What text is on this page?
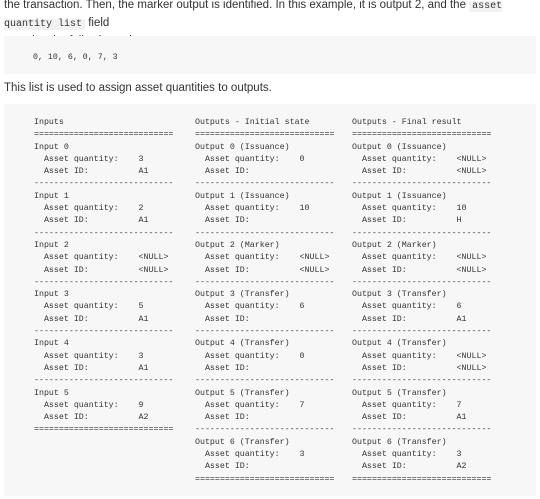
the transaction. Then, the marker output is identified. In this example, it is output 2, and the asset quantity list field

0, 10, 6, 0, 7, 3
This list is used to assign asset quantities to outputs.
Inputs
============================
Input 0
Asset quantity:    3
Asset ID:          A1
----------------------------
Input 1
Asset quantity:    2
Asset ID:          A1
----------------------------
Input 2
Asset quantity:    <NULL>
Asset ID:          <NULL>
----------------------------
Input 3
Asset quantity:    5
Asset ID:          A1
----------------------------
Input 4
Asset quantity:    3
Asset ID:          A1
----------------------------
Input 5
Asset quantity:    9
Asset ID:          A2
============================
Outputs - Initial state
============================
Output 0 (Issuance)
Asset quantity:    0
Asset ID:
----------------------------
Output 1 (Issuance)
Asset quantity:    10
Asset ID:
----------------------------
Output 2 (Marker)
Asset quantity:    <NULL>
Asset ID:          <NULL>
----------------------------
Output 3 (Transfer)
Asset quantity:    6
Asset ID:
----------------------------
Output 4 (Transfer)
Asset quantity:    0
Asset ID:
----------------------------
Output 5 (Transfer)
Asset quantity:    7
Asset ID:
----------------------------
Output 6 (Transfer)
Asset quantity:    3
Asset ID:
============================
Outputs - Final result
============================
Output 0 (Issuance)
Asset quantity:    <NULL>
Asset ID:          <NULL>
----------------------------
Output 1 (Issuance)
Asset quantity:    10
Asset ID:          H
----------------------------
Output 2 (Marker)
Asset quantity:    <NULL>
Asset ID:          <NULL>
----------------------------
Output 3 (Transfer)
Asset quantity:    6
Asset ID:          A1
----------------------------
Output 4 (Transfer)
Asset quantity:    <NULL>
Asset ID:          <NULL>
----------------------------
Output 5 (Transfer)
Asset quantity:    7
Asset ID:          A1
----------------------------
Output 6 (Transfer)
Asset quantity:    3
Asset ID:          A2
============================
